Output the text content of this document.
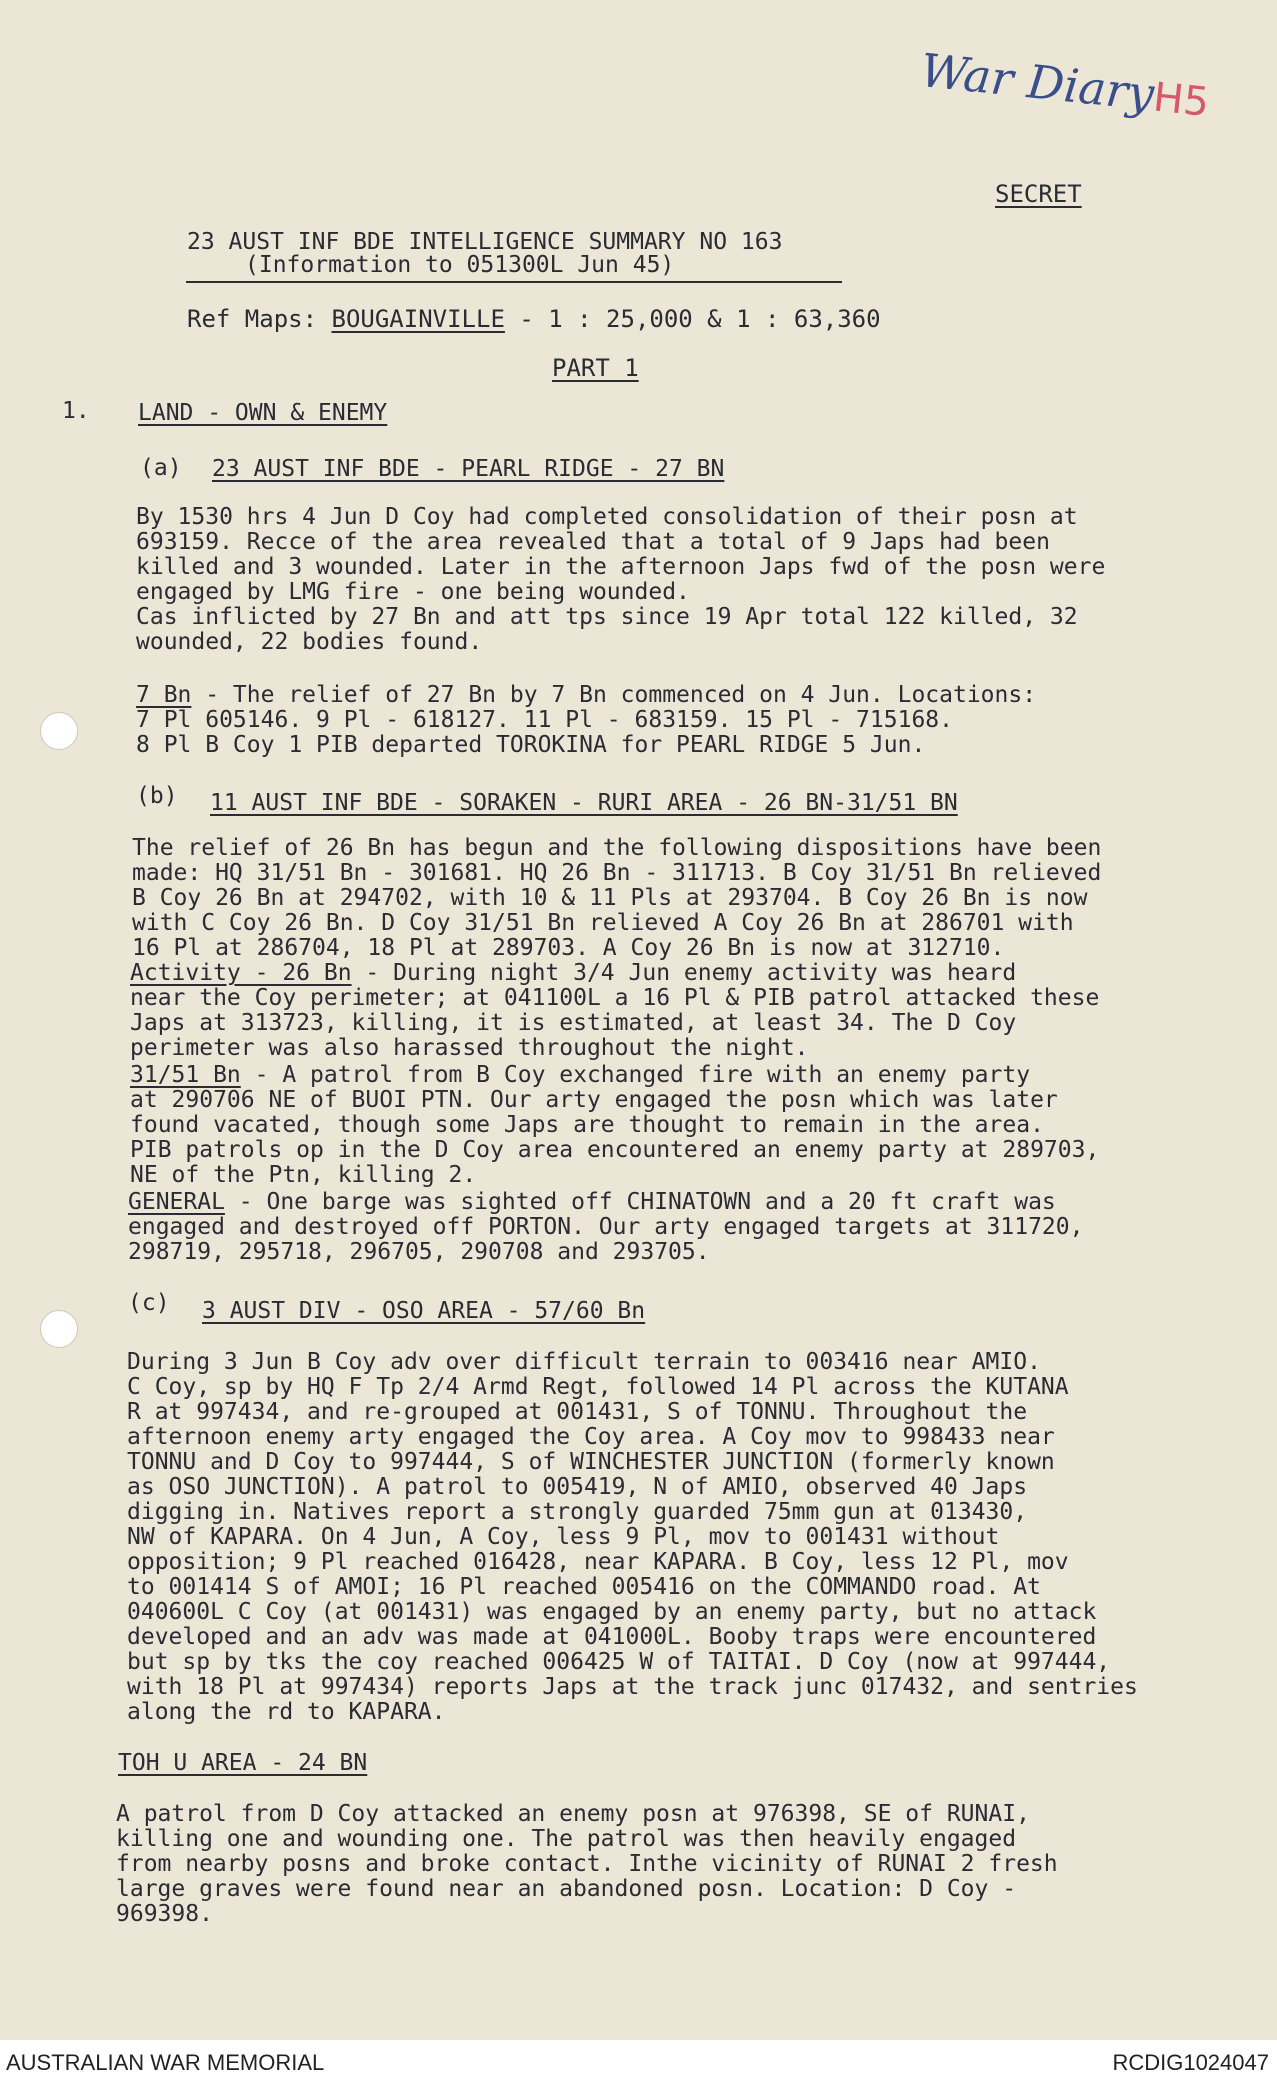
War DiaryH5
SECRET
23 AUST INF BDE INTELLIGENCE SUMMARY NO 163
(Information to 051300L Jun 45)
Ref Maps: BOUGAINVILLE - 1 : 25,000 & 1 : 63,360
PART 1
1. LAND - OWN & ENEMY
(a) 23 AUST INF BDE - PEARL RIDGE - 27 BN
By 1530 hrs 4 Jun D Coy had completed consolidation of their posn at
693159. Recce of the area revealed that a total of 9 Japs had been
killed and 3 wounded. Later in the afternoon Japs fwd of the posn were
engaged by LMG fire - one being wounded.
Cas inflicted by 27 Bn and att tps since 19 Apr total 122 killed, 32
wounded, 22 bodies found.
7 Bn - The relief of 27 Bn by 7 Bn commenced on 4 Jun. Locations:
7 Pl 605146. 9 Pl - 618127. 11 Pl - 683159. 15 Pl - 715168.
8 Pl B Coy 1 PIB departed TOROKINA for PEARL RIDGE 5 Jun.
(b) 11 AUST INF BDE - SORAKEN - RURI AREA - 26 BN-31/51 BN
The relief of 26 Bn has begun and the following dispositions have been
made: HQ 31/51 Bn - 301681. HQ 26 Bn - 311713. B Coy 31/51 Bn relieved
B Coy 26 Bn at 294702, with 10 & 11 Pls at 293704. B Coy 26 Bn is now
with C Coy 26 Bn. D Coy 31/51 Bn relieved A Coy 26 Bn at 286701 with
16 Pl at 286704, 18 Pl at 289703. A Coy 26 Bn is now at 312710.
Activity - 26 Bn - During night 3/4 Jun enemy activity was heard
near the Coy perimeter; at 041100L a 16 Pl & PIB patrol attacked these
Japs at 313723, killing, it is estimated, at least 34. The D Coy
perimeter was also harassed throughout the night.
31/51 Bn - A patrol from B Coy exchanged fire with an enemy party
at 290706 NE of BUOI PTN. Our arty engaged the posn which was later
found vacated, though some Japs are thought to remain in the area.
PIB patrols op in the D Coy area encountered an enemy party at 289703,
NE of the Ptn, killing 2.
GENERAL - One barge was sighted off CHINATOWN and a 20 ft craft was
engaged and destroyed off PORTON. Our arty engaged targets at 311720,
298719, 295718, 296705, 290708 and 293705.
(c) 3 AUST DIV - OSO AREA - 57/60 Bn
During 3 Jun B Coy adv over difficult terrain to 003416 near AMIO.
C Coy, sp by HQ F Tp 2/4 Armd Regt, followed 14 Pl across the KUTANA
R at 997434, and re-grouped at 001431, S of TONNU. Throughout the
afternoon enemy arty engaged the Coy area. A Coy mov to 998433 near
TONNU and D Coy to 997444, S of WINCHESTER JUNCTION (formerly known
as OSO JUNCTION). A patrol to 005419, N of AMIO, observed 40 Japs
digging in. Natives report a strongly guarded 75mm gun at 013430,
NW of KAPARA. On 4 Jun, A Coy, less 9 Pl, mov to 001431 without
opposition; 9 Pl reached 016428, near KAPARA. B Coy, less 12 Pl, mov
to 001414 S of AMOI; 16 Pl reached 005416 on the COMMANDO road. At
040600L C Coy (at 001431) was engaged by an enemy party, but no attack
developed and an adv was made at 041000L. Booby traps were encountered
but sp by tks the coy reached 006425 W of TAITAI. D Coy (now at 997444,
with 18 Pl at 997434) reports Japs at the track junc 017432, and sentries
along the rd to KAPARA.
TOH U AREA - 24 BN
A patrol from D Coy attacked an enemy posn at 976398, SE of RUNAI,
killing one and wounding one. The patrol was then heavily engaged
from nearby posns and broke contact. Inthe vicinity of RUNAI 2 fresh
large graves were found near an abandoned posn. Location: D Coy -
969398.
AUSTRALIAN WAR MEMORIAL	RCDIG1024047
